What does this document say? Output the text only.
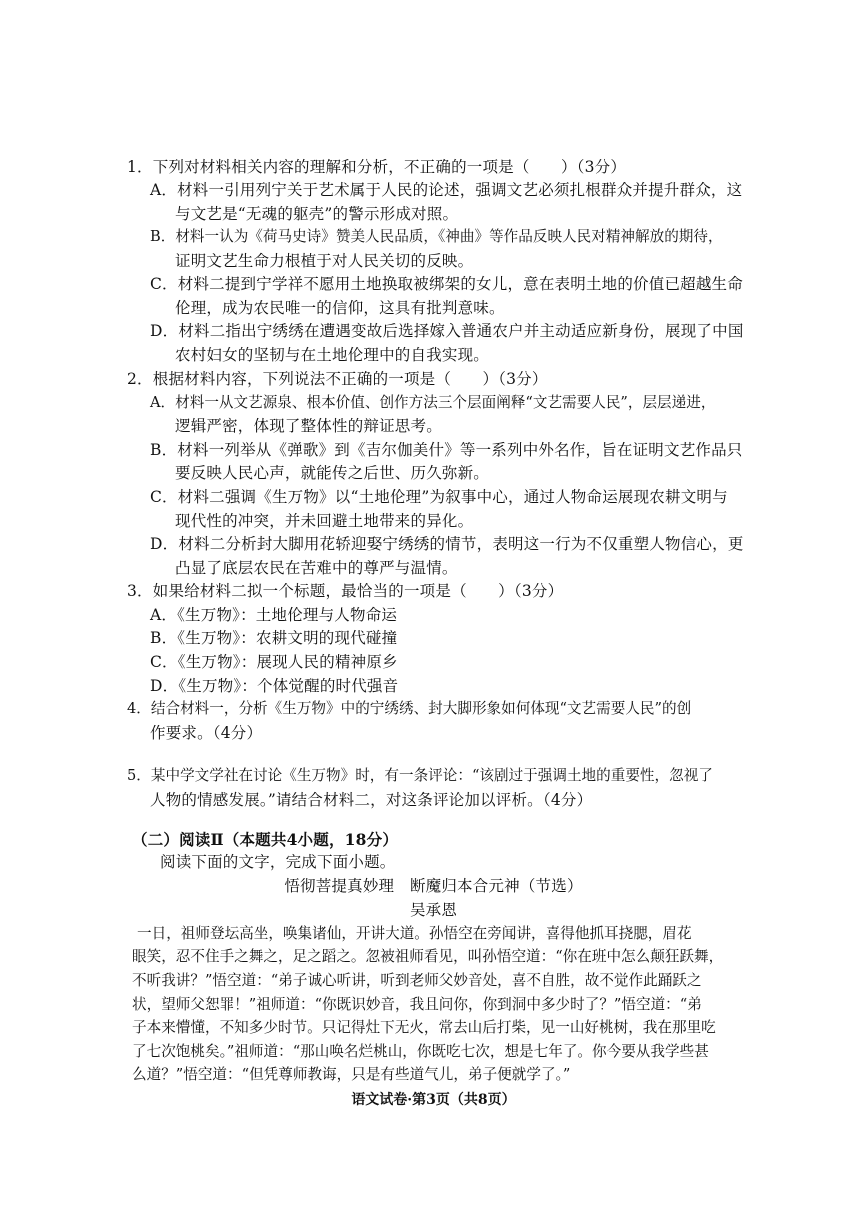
1．下列对材料相关内容的理解和分析，不正确的一项是（　　）（3分）
A．材料一引用列宁关于艺术属于人民的论述，强调文艺必须扎根群众并提升群众，这
与文艺是“无魂的躯壳”的警示形成对照。
B．材料一认为《荷马史诗》赞美人民品质，《神曲》等作品反映人民对精神解放的期待，
证明文艺生命力根植于对人民关切的反映。
C．材料二提到宁学祥不愿用土地换取被绑架的女儿，意在表明土地的价值已超越生命
伦理，成为农民唯一的信仰，这具有批判意味。
D．材料二指出宁绣绣在遭遇变故后选择嫁入普通农户并主动适应新身份，展现了中国
农村妇女的坚韧与在土地伦理中的自我实现。
2．根据材料内容，下列说法不正确的一项是（　　）（3分）
A．材料一从文艺源泉、根本价值、创作方法三个层面阐释“文艺需要人民”，层层递进，
逻辑严密，体现了整体性的辩证思考。
B．材料一列举从《弹歌》到《吉尔伽美什》等一系列中外名作，旨在证明文艺作品只
要反映人民心声，就能传之后世、历久弥新。
C．材料二强调《生万物》以“土地伦理”为叙事中心，通过人物命运展现农耕文明与
现代性的冲突，并未回避土地带来的异化。
D．材料二分析封大脚用花轿迎娶宁绣绣的情节，表明这一行为不仅重塑人物信心，更
凸显了底层农民在苦难中的尊严与温情。
3．如果给材料二拟一个标题，最恰当的一项是（　　）（3分）
A．《生万物》：土地伦理与人物命运
B．《生万物》：农耕文明的现代碰撞
C．《生万物》：展现人民的精神原乡
D．《生万物》：个体觉醒的时代强音
4．结合材料一，分析《生万物》中的宁绣绣、封大脚形象如何体现“文艺需要人民”的创
作要求。（4分）
5．某中学文学社在讨论《生万物》时，有一条评论：“该剧过于强调土地的重要性，忽视了
人物的情感发展。”请结合材料二，对这条评论加以评析。（4分）
（二）阅读Ⅱ（本题共4小题，18分）
阅读下面的文字，完成下面小题。
悟彻菩提真妙理　断魔归本合元神（节选）
吴承恩
一日，祖师登坛高坐，唤集诸仙，开讲大道。孙悟空在旁闻讲，喜得他抓耳挠腮，眉花
眼笑，忍不住手之舞之，足之蹈之。忽被祖师看见，叫孙悟空道：“你在班中怎么颠狂跃舞，
不听我讲？”悟空道：“弟子诚心听讲，听到老师父妙音处，喜不自胜，故不觉作此踊跃之
状，望师父恕罪！”祖师道：“你既识妙音，我且问你，你到洞中多少时了？”悟空道：“弟
子本来懵懂，不知多少时节。只记得灶下无火，常去山后打柴，见一山好桃树，我在那里吃
了七次饱桃矣。”祖师道：“那山唤名烂桃山，你既吃七次，想是七年了。你今要从我学些甚
么道？”悟空道：“但凭尊师教诲，只是有些道气儿，弟子便就学了。”
语文试卷·第3页（共8页）
